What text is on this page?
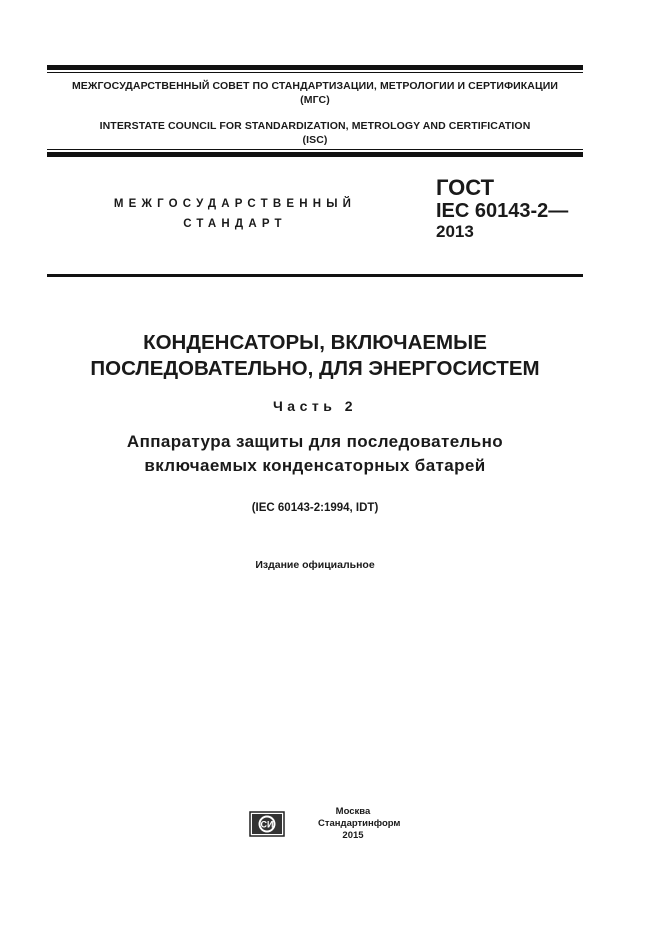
МЕЖГОСУДАРСТВЕННЫЙ СОВЕТ ПО СТАНДАРТИЗАЦИИ, МЕТРОЛОГИИ И СЕРТИФИКАЦИИ
(МГС)
INTERSTATE COUNCIL FOR STANDARDIZATION, METROLOGY AND CERTIFICATION
(ISC)
МЕЖГОСУДАРСТВЕННЫЙ
СТАНДАРТ
ГОСТ
IEC 60143-2—
2013
КОНДЕНСАТОРЫ, ВКЛЮЧАЕМЫЕ
ПОСЛЕДОВАТЕЛЬНО, ДЛЯ ЭНЕРГОСИСТЕМ
Часть 2
Аппаратура защиты для последовательно
включаемых конденсаторных батарей
(IEC 60143-2:1994, IDT)
Издание официальное
СИ
Москва
Стандартинформ
2015
